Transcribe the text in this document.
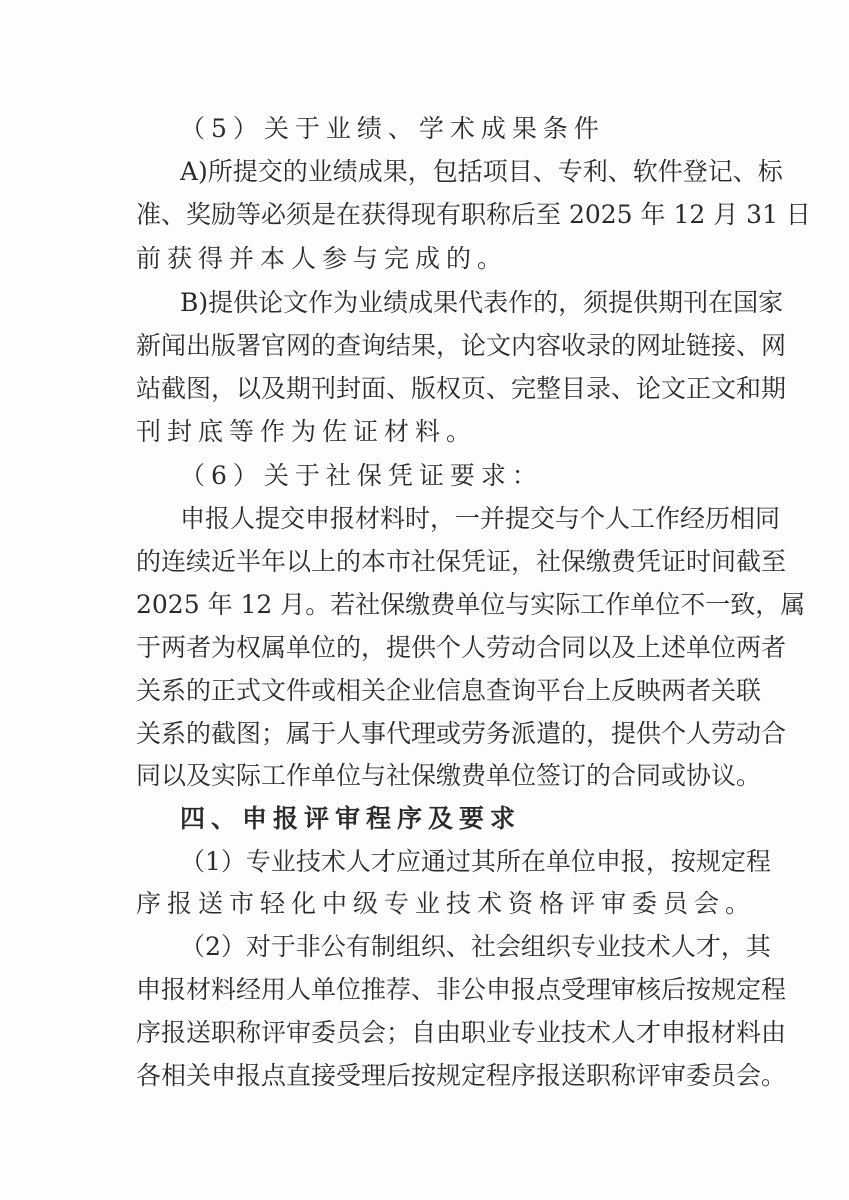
（5）关于业绩、学术成果条件
A)所提交的业绩成果，包括项目、专利、软件登记、标
准、奖励等必须是在获得现有职称后至 2025 年 12 月 31 日
前获得并本人参与完成的。
B)提供论文作为业绩成果代表作的，须提供期刊在国家
新闻出版署官网的查询结果，论文内容收录的网址链接、网
站截图，以及期刊封面、版权页、完整目录、论文正文和期
刊封底等作为佐证材料。
（6）关于社保凭证要求：
申报人提交申报材料时，一并提交与个人工作经历相同
的连续近半年以上的本市社保凭证，社保缴费凭证时间截至
2025 年 12 月。若社保缴费单位与实际工作单位不一致，属
于两者为权属单位的，提供个人劳动合同以及上述单位两者
关系的正式文件或相关企业信息查询平台上反映两者关联
关系的截图；属于人事代理或劳务派遣的，提供个人劳动合
同以及实际工作单位与社保缴费单位签订的合同或协议。
四、申报评审程序及要求
（1）专业技术人才应通过其所在单位申报，按规定程
序报送市轻化中级专业技术资格评审委员会。
（2）对于非公有制组织、社会组织专业技术人才，其
申报材料经用人单位推荐、非公申报点受理审核后按规定程
序报送职称评审委员会；自由职业专业技术人才申报材料由
各相关申报点直接受理后按规定程序报送职称评审委员会。
